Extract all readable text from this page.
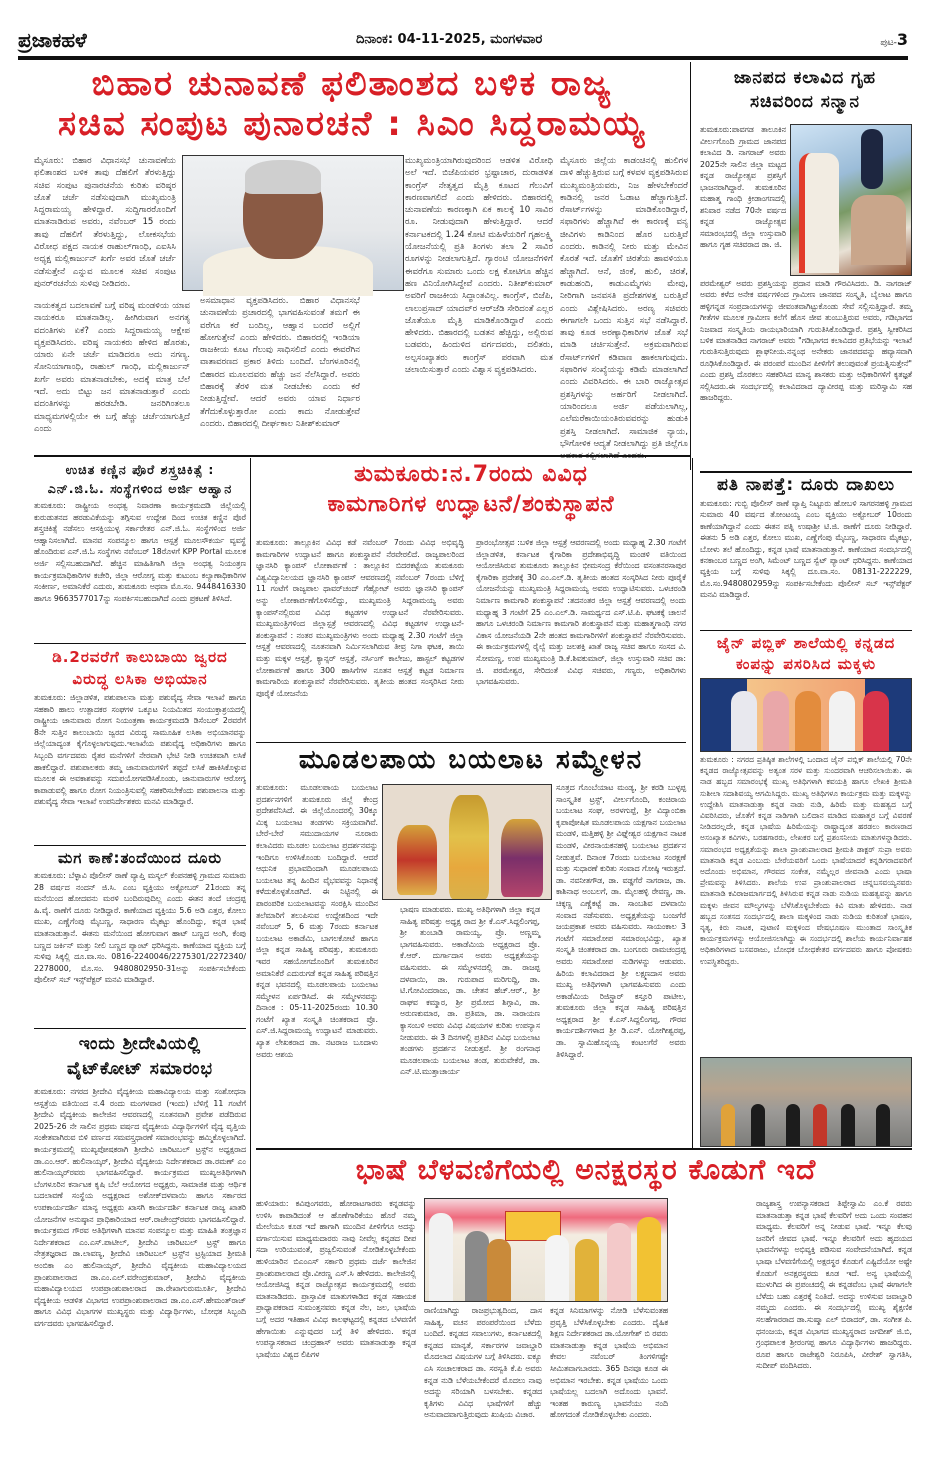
ಪ್ರಜಾಕಹಳೆ	ದಿನಾಂಕ: 04-11-2025, ಮಂಗಳವಾರ	ಪುಟ-3
ಬಿಹಾರ ಚುನಾವಣೆ ಫಲಿತಾಂಶದ ಬಳಿಕ ರಾಜ್ಯ
ಸಚಿವ ಸಂಪುಟ ಪುನಾರಚನೆ : ಸಿಎಂ ಸಿದ್ದರಾಮಯ್ಯ

ಮೈಸೂರು: ಬಿಹಾರ ವಿಧಾನಸಭೆ ಚುನಾವಣೆಯ ಫಲಿತಾಂಶದ ಬಳಿಕ ತಾವು ದೆಹಲಿಗೆ ತೆರಳುತ್ತಿದ್ದು ಸಚಿವ ಸಂಪುಟ ಪುನಾರಚನೆಯ ಕುರಿತು ವರಿಷ್ಠರ ಜೊತೆ ಚರ್ಚೆ ನಡೆಸುವುದಾಗಿ ಮುಖ್ಯಮಂತ್ರಿ ಸಿದ್ದರಾಮಯ್ಯ ಹೇಳಿದ್ದಾರೆ. ಸುದ್ದಿಗಾರರೊಂದಿಗೆ ಮಾತನಾಡಿರುವ ಅವರು, ನವೆಂಬರ್ 15 ರಂದು ತಾವು ದೆಹಲಿಗೆ ತೆರಳುತ್ತಿದ್ದು, ಲೋಕಸಭೆಯ ವಿರೋಧ ಪಕ್ಷದ ನಾಯಕ ರಾಹುಲ್‌ಗಾಂಧಿ, ಎಐಸಿಸಿ ಅಧ್ಯಕ್ಷ ಮಲ್ಲಿಕಾರ್ಜುನ್ ಖರ್ಗೆ ಅವರ ಜೊತೆ ಚರ್ಚೆ ನಡೆಸುತ್ತೇನೆ ಎನ್ನುವ ಮೂಲಕ ಸಚಿವ ಸಂಪುಟ ಪುನರ್‌ರಚನೆಯ ಸುಳಿವು ನೀಡಿದರು.

ನಾಯಕತ್ವದ ಬದಲಾವಣೆ ಬಗ್ಗೆ ವರಿಷ್ಠ ಮಂಡಳಿಯ ಯಾವ ನಾಯಕರೂ ಮಾತನಾಡಿಲ್ಲ. ಹೀಗಿರುವಾಗ ಅನಗತ್ಯ ವದಂತಿಗಳು ಏಕೆ? ಎಂದು ಸಿದ್ದರಾಮಯ್ಯ ಆಕ್ಷೇಪ ವ್ಯಕ್ತಪಡಿಸಿದರು. ವರಿಷ್ಠ ನಾಯಕರು ಹೇಳಿದ ಹೊರತು, ಯಾರು ಏನೇ ಚರ್ಚೆ ಮಾಡಿದರೂ ಅದು ನಗಣ್ಯ. ಸೋನಿಯಾಗಾಂಧಿ, ರಾಹುಲ್ ಗಾಂಧಿ, ಮಲ್ಲಿಕಾರ್ಜುನ್ ಖರ್ಗೆ ಅವರು ಮಾತನಾಡಬೇಕು, ಅದಕ್ಕೆ ಮಾತ್ರ ಬೆಲೆ ಇದೆ. ಅದು ಬಿಟ್ಟು ಜನ ಮಾತನಾಡುತ್ತಾರೆ ಎಂದು ವದಂತಿಗಳನ್ನು ಹರಡಬೇಡಿ. ಜನರಿಗಿಂತಲೂ ಮಾಧ್ಯಮಗಳಲ್ಲಿಯೇ ಈ ಬಗ್ಗೆ ಹೆಚ್ಚು ಚರ್ಚೆಯಾಗುತ್ತಿದೆ ಎಂದು

ಅಸಮಾಧಾನ ವ್ಯಕ್ತಪಡಿಸಿದರು. ಬಿಹಾರ ವಿಧಾನಸಭೆ ಚುನಾವಣೆಯ ಪ್ರಚಾರದಲ್ಲಿ ಭಾಗವಹಿಸುವಂತೆ ತಮಗೆ ಈ ವರೆಗೂ ಕರೆ ಬಂದಿಲ್ಲ, ಆಹ್ವಾನ ಬಂದರೆ ಅಲ್ಲಿಗೆ ಹೋಗುತ್ತೇನೆ ಎಂದು ಹೇಳಿದರು. ಬಿಹಾರದಲ್ಲಿ ಇಂಡಿಯಾ ರಾಜಕೀಯ ಕೂಟ ಗೆಲುವು ಸಾಧಿಸಲಿದೆ ಎಂದು ಈವರೆಗಿನ ವಾತಾವರಣದ ಪ್ರಕಾರ ತಿಳಿದು ಬಂದಿದೆ. ಬೆಂಗಳೂರಿನಲ್ಲಿ ಬಿಹಾರದ ಮೂಲದವರು ಹೆಚ್ಚು ಜನ ನೆಲೆಸಿದ್ದಾರೆ. ಅವರು ಬಿಹಾರಕ್ಕೆ ತೆರಳಿ ಮತ ನೀಡಬೇಕು ಎಂದು ಕರೆ ನೀಡುತ್ತಿದ್ದೇವೆ. ಆದರೆ ಅವರು ಯಾವ ನಿರ್ಧಾರ ತೆಗೆದುಕೊಳ್ಳುತ್ತಾರೋ ಎಂದು ಕಾದು ನೋಡುತ್ತೇವೆ ಎಂದರು. ಬಿಹಾರದಲ್ಲಿ ದೀರ್ಘಕಾಲ ನಿತೀಶ್‌ಕುಮಾರ್

ಮುಖ್ಯಮಂತ್ರಿಯಾಗಿರುವುದರಿಂದ ಆಡಳಿತ ವಿರೋಧಿ ಅಲೆ ಇದೆ. ಬಿಜೆಪಿಯವರ ಭ್ರಷ್ಟಾಚಾರ, ದುರಾಡಳಿತ ಕಾಂಗ್ರೆಸ್ ನೇತೃತ್ವದ ಮೈತ್ರಿ ಕೂಟದ ಗೆಲುವಿಗೆ ಕಾರಣವಾಗಲಿದೆ ಎಂದು ಹೇಳಿದರು. ಬಿಹಾರದಲ್ಲಿ ಚುನಾವಣೆಯ ಕಾರಣಕ್ಕಾಗಿ ಏಕ ಕಾಲಕ್ಕೆ 10 ಸಾವಿರ ರೂ. ನೀಡುವುದಾಗಿ ಹೇಳುತ್ತಿದ್ದಾರೆ. ಆದರೆ ಕರ್ನಾಟಕದಲ್ಲಿ 1.24 ಕೋಟಿ ಮಹಿಳೆಯರಿಗೆ ಗೃಹಲಕ್ಷ್ಮಿ ಯೋಜನೆಯಲ್ಲಿ ಪ್ರತಿ ತಿಂಗಳು ತಲಾ 2 ಸಾವಿರ ರೂಗಳನ್ನು ನೀಡಲಾಗುತ್ತಿದೆ. ಗ್ಯಾರಂಟಿ ಯೋಜನೆಗಳಿಗೆ ಈವರೆಗೂ ಸುಮಾರು ಒಂದು ಲಕ್ಷ ಕೋಟಿಗೂ ಹೆಚ್ಚಿನ ಹಣ ವಿನಿಯೋಗಿಸಿದ್ದೇವೆ ಎಂದರು. ನಿತೀಶ್‌ಕುಮಾರ್ ಅವರಿಗೆ ರಾಜಕೀಯ ಸಿದ್ಧಾಂತವಿಲ್ಲ. ಕಾಂಗ್ರೆಸ್, ಬಿಜೆಪಿ, ಲಾಲುಪ್ರಸಾದ್ ಯಾದವ್‌ರ ಆರ್‌ಜೆಡಿ ಸೇರಿದಂತೆ ಎಲ್ಲರ ಜೊತೆಯೂ ಮೈತ್ರಿ ಮಾಡಿಕೊಂಡಿದ್ದಾರೆ ಎಂದು ಹೇಳಿದರು. ಬಿಹಾರದಲ್ಲಿ ಬಡತನ ಹೆಚ್ಚಿದ್ದು, ಅಲ್ಲಿರುವ ಬಡವರು, ಹಿಂದುಳಿದ ವರ್ಗದವರು, ದಲಿತರು, ಅಲ್ಪಸಂಖ್ಯಾತರು ಕಾಂಗ್ರೆಸ್ ಪರವಾಗಿ ಮತ ಚಲಾಯಿಸುತ್ತಾರೆ ಎಂದು ವಿಶ್ವಾಸ ವ್ಯಕ್ತಪಡಿಸಿದರು.

ಮೈಸೂರು ಜಿಲ್ಲೆಯ ಕಾಡಂಚಿನಲ್ಲಿ ಹುಲಿಗಳ ದಾಳಿ ಹೆಚ್ಚುತ್ತಿರುವ ಬಗ್ಗೆ ಕಳವಳ ವ್ಯಕ್ತಪಡಿಸಿರುವ ಮುಖ್ಯಮಂತ್ರಿಯವರು, ನಿಜ ಹೇಳಬೇಕೆಂದರೆ ಕಾಡಿನಲ್ಲಿ ಜನರ ಓಡಾಟ ಹೆಚ್ಚಾಗುತ್ತಿದೆ. ರೆಸಾರ್ಟ್‌ಗಳನ್ನು ಮಾಡಿಕೊಂಡಿದ್ದಾರೆ, ಸಫಾರಿಗಳು ಹೆಚ್ಚಾಗಿವೆ ಈ ಕಾರಣಕ್ಕೆ ವನ್ಯ ಜೀವಿಗಳು ಕಾಡಿನಿಂದ ಹೊರ ಬರುತ್ತಿವೆ ಎಂದರು. ಕಾಡಿನಲ್ಲಿ ನೀರು ಮತ್ತು ಮೇವಿನ ಕೊರತೆ ಇದೆ. ಜೊತೆಗೆ ಚಿರತೆಯ ಹಾವಳಿಯೂ ಹೆಚ್ಚಾಗಿದೆ. ಆನೆ, ಜಿಂಕೆ, ಹುಲಿ, ಚಿರತೆ, ಕಾಡುಹಂದಿ, ಕಾಡುಎಮ್ಮೆಗಳು ಮೇವು, ನೀರಿಗಾಗಿ ಜನವಸತಿ ಪ್ರದೇಶಗಳತ್ತ ಬರುತ್ತಿವೆ ಎಂದು ವಿಶ್ಲೇಷಿಸಿದರು. ಅರಣ್ಯ ಸಚಿವರು ಈಗಾಗಲೇ ಒಂದು ಸುತ್ತಿನ ಸಭೆ ನಡೆಸಿದ್ದಾರೆ. ತಾವು ಕೂಡ ಅರಣ್ಯಾಧಿಕಾರಿಗಳ ಜೊತೆ ಸಭೆ ಮಾಡಿ ಚರ್ಚಿಸುತ್ತೇನೆ. ಅಕ್ರಮವಾಗಿರುವ ರೆಸಾರ್ಟ್‌ಗಳಿಗೆ ಕಡಿವಾಣ ಹಾಕಲಾಗುವುದು. ಸಫಾರಿಗಳ ಸಂಖ್ಯೆಯನ್ನು ಕಡಿಮೆ ಮಾಡಲಾಗಿದೆ ಎಂದು ವಿವರಿಸಿದರು. ಈ ಬಾರಿ ರಾಜ್ಯೋತ್ಸವ ಪ್ರಶಸ್ತಿಗಳನ್ನು ಅರ್ಹರಿಗೆ ನೀಡಲಾಗಿದೆ. ಯಾರಿಂದಲೂ ಅರ್ಜಿ ಪಡೆಯಲಾಗಿಲ್ಲ, ಎಲೆಮರೆಕಾಯಿಯಂತಿರುವವರನ್ನು ಹುಡುಕಿ ಪ್ರಶಸ್ತಿ ನೀಡಲಾಗಿದೆ. ಸಾಮಾಜಿಕ ನ್ಯಾಯ, ಭೌಗೋಳಿಕ ಆದ್ಯತೆ ನೀಡಲಾಗಿದ್ದು ಪ್ರತಿ ಜಿಲ್ಲೆಗೂ

ಜಾನಪದ ಕಲಾವಿದ ಗೃಹ
ಸಚಿವರಿಂದ ಸನ್ಮಾನ

ತುಮಕೂರು:ಪಾವಗಡ ತಾಲೂಕಿನ ವೀರ್ಲಗೊಂದಿ ಗ್ರಾಮದ ಜಾನಪದ ಕಲಾವಿದ ಡಿ. ನಾಗರಾಜ್ ಅವರು 2025ನೇ ಸಾಲಿನ ಜಿಲ್ಲಾ ಮಟ್ಟದ ಕನ್ನಡ ರಾಜ್ಯೋತ್ಸವ ಪ್ರಶಸ್ತಿಗೆ ಭಾಜನರಾಗಿದ್ದಾರೆ. ತುಮಕೂರಿನ ಮಹಾತ್ಮ ಗಾಂಧಿ ಕ್ರೀಡಾಂಗಣದಲ್ಲಿ ಶನಿವಾರ ನಡೆದ 70ನೇ ವರ್ಷದ ಕನ್ನಡ ರಾಜ್ಯೋತ್ಸವ ಸಮಾರಂಭದಲ್ಲಿ ಜಿಲ್ಲಾ ಉಸ್ತುವಾರಿ ಹಾಗೂ ಗೃಹ ಸಚಿವರಾದ ಡಾ. ಜಿ.

ಪರಮೇಶ್ವರ್ ಅವರು ಪ್ರಶಸ್ತಿಯನ್ನು ಪ್ರದಾನ ಮಾಡಿ ಗೌರವಿಸಿದರು. ಡಿ. ನಾಗರಾಜ್ ಅವರು ಕಳೆದ ಅನೇಕ ವರ್ಷಗಳಿಂದ ಗ್ರಾಮೀಣ ಜಾನಪದ ಸಂಸ್ಕೃತಿ, ಬೈಲಾಟ ಹಾಗೂ ಹಳ್ಳಿಗನ್ನಡ ಸಂಪ್ರದಾಯಗಳನ್ನು ಜೀವಂತವಾಗಿಟ್ಟುಕೊಂಡು ಸೇವೆ ಸಲ್ಲಿಸುತ್ತಿದ್ದಾರೆ. ತಮ್ಮ ಗೀತೆಗಳ ಮೂಲಕ ಗ್ರಾಮೀಣ ಕಲೆಗೆ ಹೊಸ ಜೀವ ತುಂಬುತ್ತಿರುವ ಅವರು, ಗಡಿಭಾಗದ ನಿಜವಾದ ಸಂಸ್ಕೃತಿಯ ರಾಯಭಾರಿಯಾಗಿ ಗುರುತಿಸಿಕೊಂಡಿದ್ದಾರೆ. ಪ್ರಶಸ್ತಿ ಸ್ವೀಕರಿಸಿದ ಬಳಿಕ ಮಾತನಾಡಿದ ನಾಗರಾಜ್ ಅವರು "ಗಡಿಭಾಗದ ಕಲಾವಿದರ ಪ್ರತಿಭೆಯನ್ನು ಇಲಾಖೆ ಗುರುತಿಸುತ್ತಿರುವುದು ಶ್ಲಾಘನೀಯ.ನನ್ನಂಥ ಅನೇಕರು ಜಾನಪದವನ್ನು ಹವ್ಯಾಸವಾಗಿ ರೂಢಿಸಿಕೊಂಡಿದ್ದಾರೆ. ಈ ಪರಂಪರೆ ಮುಂದಿನ ಪೀಳಿಗೆಗೆ ತಲುಪುವಂತೆ ಪ್ರಯತ್ನಿಸುತ್ತೇನೆ" ಎಂದು ಪ್ರಶಸ್ತಿ ದೊರಕಲು ಸಹಕರಿಸಿದ ಮಾನ್ಯ ಶಾಸಕರು ಮತ್ತು ಅಧಿಕಾರಿಗಳಿಗೆ ಕೃತಜ್ಞತೆ ಸಲ್ಲಿಸಿದರು.ಈ ಸಂದರ್ಭದಲ್ಲಿ ಕಲಾವಿದರಾದ ದ್ಯಾವೀರಪ್ಪ ಮತ್ತು ಮರಿಸ್ವಾಮಿ ಸಹ ಹಾಜರಿದ್ದರು.

ಪತಿ ನಾಪತ್ತೆ: ದೂರು ದಾಖಲು

ತುಮಕೂರು: ಗುಬ್ಬಿ ಪೊಲೀಸ್ ಠಾಣೆ ವ್ಯಾಪ್ತಿ ನಿಟ್ಟೂರು ಹೋಬಳಿ ಸಾಗರನಹಳ್ಳಿ ಗ್ರಾಮದ ಸುಮಾರು 40 ವರ್ಷದ ತೋಂಟಯ್ಯ ಎಂಬ ವ್ಯಕ್ತಿಯು ಅಕ್ಟೋಬರ್ 10ರಂದು ಕಾಣೆಯಾಗಿದ್ದಾನೆ ಎಂದು ಈತನ ಪತ್ನಿ ಉಷಾಶ್ರೀ ಟಿ.ಜಿ. ಠಾಣೆಗೆ ದೂರು ನೀಡಿದ್ದಾರೆ. ಈತನು 5 ಅಡಿ ಎತ್ತರ, ಕೋಲು ಮುಖ, ಎಣ್ಣೆಗೆಂಪು ಮೈಬಣ್ಣ, ಸಾಧಾರಣ ಮೈಕಟ್ಟು, ಬೋಳು ತಲೆ ಹೊಂದಿದ್ದು, ಕನ್ನಡ ಭಾಷೆ ಮಾತನಾಡುತ್ತಾನೆ. ಕಾಣೆಯಾದ ಸಂದರ್ಭದಲ್ಲಿ ಕನಕಾಂಬರ ಬಣ್ಣದ ಅಂಗಿ, ಸಿಮೆಂಟ್ ಬಣ್ಣದ ಸ್ವೆಟ್ ಪ್ಯಾಂಟ್ ಧರಿಸಿದ್ದನು. ಕಾಣೆಯಾದ ವ್ಯಕ್ತಿಯ ಬಗ್ಗೆ ಸುಳಿವು ಸಿಕ್ಕಲ್ಲಿ ದೂ.ವಾ.ಸಂ. 08131-222229, ಮೊ.ಸಂ.9480802959ನ್ನು ಸಂಪರ್ಕಿಸಬೇಕೆಂದು ಪೊಲೀಸ್ ಸಬ್ ಇನ್ಸ್‌ಪೆಕ್ಟರ್ ಮನವಿ ಮಾಡಿದ್ದಾರೆ.

ಜೈನ್ ಪಬ್ಲಿಕ್ ಶಾಲೆಯಲ್ಲಿ ಕನ್ನಡದ
ಕಂಪನ್ನು ಪಸರಿಸಿದ ಮಕ್ಕಳು

ತುಮಕೂರು : ನಗರದ ಪ್ರತಿಷ್ಠಿತ ಶಾಲೆಗಳಲ್ಲಿ ಒಂದಾದ ಜೈನ್ ಪಬ್ಲಿಕ್ ಶಾಲೆಯಲ್ಲಿ 70ನೇ ಕನ್ನಡದ ರಾಜ್ಯೋತ್ಸವವನ್ನು ಅತ್ಯಂತ ಸರಳ ಮತ್ತು ಸುಂದರವಾಗಿ ಆಚರಿಸಲಾಯಿತು. ಈ ನಾಡ ಹಬ್ಬದ ಸಮಾರಂಭಕ್ಕೆ ಮುಖ್ಯ ಅತಿಥಿಗಳಾಗಿ ಕವಯತ್ರಿ ಹಾಗೂ ಲೇಖಕಿ ಶ್ರೀಮತಿ ಸುಶೀಲಾ ಸದಾಶಿವಯ್ಯ ಆಗಮಿಸಿದ್ದರು. ಮುಖ್ಯ ಅತಿಥಿಗಳೂ ಕಾರ್ಯಕ್ರಮ ಮತ್ತು ಮಕ್ಕಳನ್ನು ಉದ್ದೇಶಿಸಿ ಮಾತನಾಡುತ್ತಾ ಕನ್ನಡ ನಾಡು ನುಡಿ, ಹಿರಿಮೆ ಮತ್ತು ಮಹತ್ವದ ಬಗ್ಗೆ ವಿವರಿಸಿದರು, ಜೊತೆಗೆ ಕನ್ನಡ ನಾಡಿಗಾಗಿ ಬಲಿದಾನ ಮಾಡಿದ ಮಹಾತ್ಮರ ಬಗ್ಗೆ ವಿವರಣೆ ನೀಡಿದರಲ್ಲದೇ, ಕನ್ನಡ ಭಾಷೆಯ ಹಿರಿಮೆಯನ್ನು ರಾಷ್ಟ್ರಾದ್ಯಂತ ಹರಡಲು ಕಾರಣರಾದ ಅಸಂಖ್ಯಾತ ಕವಿಗಳು, ಬರಹಗಾರರು, ಲೇಖಕರ ಬಗ್ಗೆ ಪ್ರಶಂಸನೀಯ ಮಾತುಗಳನ್ನಾಡಿದರು. ಸಮಾರಂಭದ ಅಧ್ಯಕ್ಷತೆಯನ್ನು ಶಾಲಾ ಪ್ರಾಂಶುಪಾಲರಾದ ಶ್ರೀಮತಿ ಡಾಕ್ಟರ್ ಸುಪ್ರಾ ಅವರು ಮಾತನಾಡಿ ಕನ್ನಡ ಎಂಬುದು ಬೇರೆಯವರಿಗೆ ಒಂದು ಭಾಷೆಯಾದರೆ ಕನ್ನಡಿಗರಾದವರಿಗೆ ಅದೊಂದು ಅಭಿಮಾನ, ಗೌರವದ ಸಂಕೇತ, ನಮ್ಮೆಲ್ಲರ ಜೀವನಾಡಿ ಎಂದು ಭಾಷಾ ಪ್ರೇಮವನ್ನು ತಿಳಿಸಿದರು. ಶಾಲೆಯ ಉಪ ಪ್ರಾಂಶುಪಾಲರಾದ ಚನ್ನಬಸವಯ್ಯನವರು ಮಾತನಾಡಿ ಕವಿರಾಜಮಾರ್ಗದಲ್ಲಿ ತಿಳಿಸಿರುವ ಕನ್ನಡ ನಾಡು ನುಡಿಯ ಮಹತ್ವವನ್ನು ಹಾಗೂ ಮಕ್ಕಳು ಜೀವನ ಮೌಲ್ಯಗಳನ್ನು ಬೆಳೆಸಿಕೊಳ್ಳಬೇಕೆಂದು ಕಿವಿ ಮಾತು ಹೇಳಿದರು. ನಾಡ ಹಬ್ಬದ ಸಂತಸದ ಸಂದರ್ಭದಲ್ಲಿ ಶಾಲಾ ಮಕ್ಕಳಿಂದ ನಾಡು ನುಡಿಯ ಕುರಿತಂತೆ ಭಾಷಣ, ನೃತ್ಯ, ಕಿರು ನಾಟಕ, ಪುಟಾಣಿ ಮಕ್ಕಳಿಂದ ವೇಷಭೂಷಣ ಮುಂತಾದ ಸಾಂಸ್ಕೃತಿಕ ಕಾರ್ಯಕ್ರಮಗಳನ್ನು ಆಯೋಜಿಸಲಾಗಿದ್ದು ಈ ಸಂದರ್ಭದಲ್ಲಿ ಶಾಲೆಯ ಕಾರ್ಯನಿರ್ವಾಹಕ ಅಧಿಕಾರಿಗಳಾದ ಬಸವರಾಜು, ಬೋಧಕ ಬೋಧಕೇತರ ವರ್ಗದವರು ಹಾಗೂ ಪೋಷಕರು ಉಪಸ್ಥಿತರಿದ್ದರು.

ಉಚಿತ ಕಣ್ಣಿನ ಪೊರೆ ಶಸ್ತ್ರಚಿಕಿತ್ಸೆ :
ಎನ್.ಜಿ.ಓ. ಸಂಸ್ಥೆಗಳಿಂದ ಅರ್ಜಿ ಆಹ್ವಾನ

ತುಮಕೂರು: ರಾಷ್ಟ್ರೀಯ ಅಂಧತ್ವ ನಿವಾರಣಾ ಕಾರ್ಯಕ್ರಮದಡಿ ಜಿಲ್ಲೆಯಲ್ಲಿ ಕುರುಡುತನದ ಹರಡುವಿಕೆಯನ್ನು ತಗ್ಗಿಸುವ ಉದ್ದೇಶ ದಿಂದ ಉಚಿತ ಕಣ್ಣಿನ ಪೊರೆ ಶಸ್ತ್ರಚಿಕಿತ್ಸೆ ನಡೆಸಲು ಆಸಕ್ತಿಯುಳ್ಳ ಸರ್ಕಾರೇತರ ಎನ್.ಜಿ.ಓ. ಸಂಸ್ಥೆಗಳಿಂದ ಅರ್ಜಿ ಆಹ್ವಾನಿಸಲಾಗಿದೆ. ಮಾನವ ಸಂಪನ್ಮೂಲ ಹಾಗೂ ಆಸ್ಪತ್ರೆ ಮೂಲಸೌಕರ್ಯ ವ್ಯವಸ್ಥೆ ಹೊಂದಿರುವ ಎನ್.ಜಿ.ಓ ಸಂಸ್ಥೆಗಳು ನವೆಂಬರ್ 18ರೊಳಗೆ KPP Portal ಮೂಲಕ ಅರ್ಜಿ ಸಲ್ಲಿಸಬಹುದಾಗಿದೆ. ಹೆಚ್ಚಿನ ಮಾಹಿತಿಗಾಗಿ ಜಿಲ್ಲಾ ಅಂಧತ್ವ ನಿಯಂತ್ರಣ ಕಾರ್ಯಕ್ರಮಾಧಿಕಾರಿಗಳ ಕಚೇರಿ, ಜಿಲ್ಲಾ ಆರೋಗ್ಯ ಮತ್ತು ಕುಟುಂಬ ಕಲ್ಯಾಣಾಧಿಕಾರಿಗಳ ಸಂಕೀರ್ಣ, ಅಮಾನಿಕೆರೆ ಎದುರು, ತುಮಕೂರು ಅಥವಾ ಮೊ.ಸಂ. 9448416330 ಹಾಗೂ 9663577017ನ್ನು ಸಂಪರ್ಕಿಸಬಹುದಾಗಿದೆ ಎಂದು ಪ್ರಕಟಣೆ ತಿಳಿಸಿದೆ.

ಡಿ.2ರವರೆಗೆ ಕಾಲುಬಾಯಿ ಜ್ವರದ
ವಿರುದ್ಧ ಲಸಿಕಾ ಅಭಿಯಾನ

ತುಮಕೂರು: ಜಿಲ್ಲಾಡಳಿತ, ಪಶುಪಾಲನಾ ಮತ್ತು ಪಶುವೈದ್ಯ ಸೇವಾ ಇಲಾಖೆ ಹಾಗೂ ಸಹಕಾರಿ ಹಾಲು ಉತ್ಪಾದಕರ ಸಂಘಗಳ ಒಕ್ಕೂಟ ನಿಯಮಿತದ ಸಂಯುಕ್ತಾಶ್ರಯದಲ್ಲಿ ರಾಷ್ಟ್ರೀಯ ಜಾನುವಾರು ರೋಗ ನಿಯಂತ್ರಣಾ ಕಾರ್ಯಕ್ರಮದಡಿ ಡಿಸೆಂಬರ್ 2ರವರೆಗೆ 8ನೇ ಸುತ್ತಿನ ಕಾಲುಬಾಯಿ ಜ್ವರದ ವಿರುದ್ಧ ಸಾಮೂಹಿಕ ಲಸಿಕಾ ಅಭಿಯಾನವನ್ನು ಜಿಲ್ಲೆಯಾದ್ಯಂತ ಕೈಗೊಳ್ಳಲಾಗುವುದು.ಇಲಾಖೆಯ ಪಶುವೈದ್ಯ ಅಧಿಕಾರಿಗಳು ಹಾಗೂ ಸಿಬ್ಬಂದಿ ವರ್ಗದವರು ರೈತರ ಮನೆಗಳಿಗೆ ನೇರವಾಗಿ ಭೇಟಿ ನೀಡಿ ಉಚಿತವಾಗಿ ಲಸಿಕೆ ಹಾಕಲಿದ್ದಾರೆ. ಪಶುಪಾಲಕರು ತಮ್ಮ ಜಾನುವಾರುಗಳಿಗೆ ತಪ್ಪದೆ ಲಸಿಕೆ ಹಾಕಿಸಿಕೊಳ್ಳುವ ಮೂಲಕ ಈ ಅವಕಾಶವನ್ನು ಸದುಪಯೋಗಪಡಿಸಿಕೊಂಡು, ಜಾನುವಾರುಗಳ ಆರೋಗ್ಯ ಕಾಪಾಡುವಲ್ಲಿ ಹಾಗೂ ರೋಗ ನಿಯಂತ್ರಿಸುವಲ್ಲಿ ಸಹಕರಿಸಬೇಕೆಂದು ಪಶುಪಾಲನಾ ಮತ್ತು ಪಶುವೈದ್ಯ ಸೇವಾ ಇಲಾಖೆ ಉಪನಿರ್ದೇಶಕರು ಮನವಿ ಮಾಡಿದ್ದಾರೆ.

ಮಗ ಕಾಣೆ:ತಂದೆಯಿಂದ ದೂರು

ತುಮಕೂರು: ಬೆಳ್ಳಾವಿ ಪೊಲೀಸ್ ಠಾಣೆ ವ್ಯಾಪ್ತಿ ಮಸ್ಕಲ್ ಕೆಂಪನಹಳ್ಳಿ ಗ್ರಾಮದ ಸುಮಾರು 28 ವರ್ಷದ ನಂದನ್ ಜಿ.ಸಿ. ಎಂಬ ವ್ಯಕ್ತಿಯು ಅಕ್ಟೋಬರ್ 21ರಂದು ತನ್ನ ಮನೆಯಿಂದ ಹೋದವನು ಮರಳಿ ಬಂದಿರುವುದಿಲ್ಲ ಎಂದು ಈತನ ತಂದೆ ಚಂದ್ರಪ್ಪ ಹಿ.ವೈ. ಠಾಣೆಗೆ ದೂರು ನೀಡಿದ್ದಾರೆ. ಕಾಣೆಯಾದ ವ್ಯಕ್ತಿಯು 5.6 ಅಡಿ ಎತ್ತರ, ಕೋಲು ಮುಖ, ಎಣ್ಣೆಗೆಂಪು ಮೈಬಣ್ಣ, ಸಾಧಾರಣ ಮೈಕಟ್ಟು ಹೊಂದಿದ್ದು, ಕನ್ನಡ ಭಾಷೆ ಮಾತನಾಡುತ್ತಾನೆ. ಈತನು ಮನೆಯಿಂದ ಹೋಗುವಾಗ ಹಾಟ್ ಬಣ್ಣದ ಅಂಗಿ, ಕೆಂಪು ಬಣ್ಣದ ಜರ್ಕಿನ್ ಮತ್ತು ನೀಲಿ ಬಣ್ಣದ ಪ್ಯಾಂಟ್ ಧರಿಸಿದ್ದನು. ಕಾಣೆಯಾದ ವ್ಯಕ್ತಿಯ ಬಗ್ಗೆ ಸುಳಿವು ಸಿಕ್ಕಲ್ಲಿ ದೂ.ವಾ.ಸಂ. 0816-2240046/2275301/2272340/ 2278000, ಮೊ.ಸಂ. 9480802950-31ಅನ್ನು ಸಂಪರ್ಕಿಸಬೇಕೆಂದು ಪೊಲೀಸ್ ಸಬ್ ಇನ್ಸ್‌ಪೆಕ್ಟರ್ ಮನವಿ ಮಾಡಿದ್ದಾರೆ.

ಇಂದು ಶ್ರೀದೇವಿಯಲ್ಲಿ
ವೈಟ್‌ಕೋಟ್ ಸಮಾರಂಭ

ತುಮಕೂರು: ನಗರದ ಶ್ರೀದೇವಿ ವೈದ್ಯಕೀಯ ಮಹಾವಿದ್ಯಾಲಯ ಮತ್ತು ಸಂಶೋಧನಾ ಆಸ್ಪತ್ರೆಯ ವತಿಯಿಂದ ನ.4 ರಂದು ಮಂಗಳವಾರ (ಇಂದು) ಬೆಳಿಗ್ಗೆ 11 ಗಂಟೆಗೆ ಶ್ರೀದೇವಿ ವೈದ್ಯಕೀಯ ಕಾಲೇಜಿನ ಆವರಣದಲ್ಲಿ ನೂತನವಾಗಿ ಪ್ರವೇಶ ಪಡೆದಿರುವ 2025-26 ನೇ ಸಾಲಿನ ಪ್ರಥಮ ವರ್ಷದ ವೈದ್ಯಕೀಯ ವಿದ್ಯಾರ್ಥಿಗಳಿಗೆ ವೈದ್ಯ ವೃತ್ತಿಯ ಸಂಕೇತವಾಗಿರುವ ಬಿಳಿ ವರ್ಣದ ಸಮವಸ್ತ್ರಧಾರಣೆ ಸಮಾರಂಭವನ್ನು ಹಮ್ಮಿಕೊಳ್ಳಲಾಗಿದೆ. ಕಾರ್ಯಕ್ರಮದಲ್ಲಿ ಮುಖ್ಯಪೋಷಕರಾಗಿ ಶ್ರೀದೇವಿ ಚಾರಿಟಬಲ್ ಟ್ರಸ್ಟ್‌ನ ಅಧ್ಯಕ್ಷರಾದ ಡಾ.ಎಂ.ಆರ್. ಹುಲಿನಾಯ್ಕರ್, ಶ್ರೀದೇವಿ ವೈದ್ಯಕೀಯ ನಿರ್ದೇಶಕರಾದ ಡಾ.ರಮಣ್ ಎಂ ಹುಲಿನಾಯ್ಕರ್‌ರವರು ಭಾಗವಹಿಸಲಿದ್ದಾರೆ. ಕಾರ್ಯಕ್ರಮದ ಮುಖ್ಯಅತಿಥಿಗಳಾಗಿ ಬೆಂಗಳೂರಿನ ಕರ್ನಾಟಕ ಕೃಷಿ ಬೆಲೆ ಆಯೋಗದ ಅಧ್ಯಕ್ಷರು, ಸಾಮಾಜಿಕ ಮತ್ತು ಆರ್ಥಿಕ ಬದಲಾವಣೆ ಸಂಸ್ಥೆಯ ಅಧ್ಯಕ್ಷರಾದ ಅಶೋಕ್‌ದಳವಾಯಿ ಹಾಗೂ ಸರ್ಕಾರದ ಉಪಕಾರ್ಯದರ್ಶಿ ಮಾನ್ಯ ಅಧ್ಯಕ್ಷರು ಖಾಸಗಿ ಕಾರ್ಯದರ್ಶಿ ಕರ್ನಾಟಕ ರಾಜ್ಯ ಖಾತರಿ ಯೋಜನೆಗಳ ಅನುಷ್ಠಾನ ಪ್ರಾಧಿಕಾರಿಯಾದ ಆರ್.ರಾಜೇಂದ್ರ್‌ರವರು ಭಾಗವಹಿಸಲಿದ್ದಾರೆ. ಕಾರ್ಯಕ್ರಮದ ಗೌರವ ಅತಿಥಿಗಳಾಗಿ ಮಾನವ ಸಂಪನ್ಮೂಲ ಮತ್ತು ಮಾಹಿತಿ ತಂತ್ರಜ್ಞಾನ ನಿರ್ದೇಶಕರಾದ ಎಂ.ಎಸ್.ಪಾಟೀಲ್, ಶ್ರೀದೇವಿ ಚಾರಿಟಬಲ್ ಟ್ರಸ್ಟ್ ಹಾಗೂ ನೇತ್ರತಜ್ಞರಾದ ಡಾ.ಲಾವಣ್ಯ, ಶ್ರೀದೇವಿ ಚಾರಿಟಬಲ್ ಟ್ರಸ್ಟ್‌ನ ಟ್ರಸ್ಟಿಯಾದ ಶ್ರೀಮತಿ ಅಂಬಿಕಾ ಎಂ ಹುಲಿನಾಯ್ಕರ್, ಶ್ರೀದೇವಿ ವೈದ್ಯಕೀಯ ಮಹಾವಿದ್ಯಾಲಯದ ಪ್ರಾಂಶುಪಾಲರಾದ ಡಾ.ಎಂ.ಎಲ್.ವರೇಂದ್ರಕುಮಾರ್, ಶ್ರೀದೇವಿ ವೈದ್ಯಕೀಯ ಮಹಾವಿದ್ಯಾಲಯದ ಉಪಪ್ರಾಂಶುಪಾಲರಾದ ಡಾ.ರೇಖಾಗುರುಮೂರ್ತಿ, ಶ್ರೀದೇವಿ ವೈದ್ಯಕೀಯ ಆಡಳಿತ ವಿಭಾಗದ ಉಪಪ್ರಾಂಶುಪಾಲರಾದ ಡಾ.ಎಂ.ಎಸ್.ಹೇಮಂತ್‌ರಾಜ್ ಹಾಗೂ ವಿವಿಧ ವಿಭಾಗಗಳ ಮುಖ್ಯಸ್ಥರು ಮತ್ತು ವಿದ್ಯಾರ್ಥಿಗಳು, ಬೋಧಕ ಸಿಬ್ಬಂದಿ ವರ್ಗದವರು ಭಾಗವಹಿಸಲಿದ್ದಾರೆ.

ತುಮಕೂರು:ನ.7ರಂದು ವಿವಿಧ
ಕಾಮಗಾರಿಗಳ ಉದ್ಘಾಟನೆ/ಶಂಕುಸ್ಥಾಪನೆ

ತುಮಕೂರು: ತಾಲ್ಲೂಕಿನ ವಿವಿಧ ಕಡೆ ನವೆಂಬರ್ 7ರಂದು ವಿವಿಧ ಅಭಿವೃದ್ಧಿ ಕಾಮಗಾರಿಗಳ ಉದ್ಘಾಟನೆ ಹಾಗೂ ಶಂಕುಸ್ಥಾಪನೆ ನೆರವೇರಲಿದೆ. ರಾಜ್ಯಪಾಲರಿಂದ ಜ್ಞಾನಸಿರಿ ಕ್ಯಾಂಪಸ್ ಲೋಕಾರ್ಪಣೆ : ತಾಲ್ಲೂಕಿನ ಬಿದರಕಟ್ಟೆಯ ತುಮಕೂರು ವಿಶ್ವವಿದ್ಯಾನಿಲಯದ ಜ್ಞಾನಸಿರಿ ಕ್ಯಾಂಪಸ್ ಆವರಣದಲ್ಲಿ ನವೆಂಬರ್ 7ರಂದು ಬೆಳಿಗ್ಗೆ 11 ಗಂಟೆಗೆ ರಾಜ್ಯಪಾಲ ಥಾವರ್‌ಚಂದ್ ಗೆಹ್ಲೋಟ್ ಅವರು ಜ್ಞಾನಸಿರಿ ಕ್ಯಾಂಪಸ್ ಅನ್ನು ಲೋಕಾರ್ಪಣೆಗೊಳಿಸಲಿದ್ದು, ಮುಖ್ಯಮಂತ್ರಿ ಸಿದ್ದರಾಮಯ್ಯ ಅವರು ಕ್ಯಾಂಪಸ್‌ನಲ್ಲಿರುವ ವಿವಿಧ ಕಟ್ಟಡಗಳ ಉದ್ಘಾಟನೆ ನೆರವೇರಿಸುವರು. ಮುಖ್ಯಮಂತ್ರಿಗಳಿಂದ ಜಿಲ್ಲಾಸ್ಪತ್ರೆ ಆವರಣದಲ್ಲಿ ವಿವಿಧ ಕಟ್ಟಡಗಳ ಉದ್ಘಾಟನೆ-ಶಂಕುಸ್ಥಾಪನೆ : ನಂತರ ಮುಖ್ಯಮಂತ್ರಿಗಳು ಅಂದು ಮಧ್ಯಾಹ್ನ 2.30 ಗಂಟೆಗೆ ಜಿಲ್ಲಾ ಆಸ್ಪತ್ರೆ ಆವರಣದಲ್ಲಿ ನೂತನವಾಗಿ ನಿರ್ಮಿಸಲಾಗಿರುವ ತೀವ್ರ ನಿಗಾ ಘಟಕ, ತಾಯಿ ಮತ್ತು ಮಕ್ಕಳ ಆಸ್ಪತ್ರೆ, ಕ್ಯಾನ್ಸರ್ ಆಸ್ಪತ್ರೆ, ನರ್ಸಿಂಗ್ ಕಾಲೇಜು, ಹಾಸ್ಟಲ್ ಕಟ್ಟಡಗಳ ಲೋಕಾರ್ಪಣೆ ಹಾಗೂ 300 ಹಾಸಿಗೆಗಳ ನೂತನ ಆಸ್ಪತ್ರೆ ಕಟ್ಟಡ ನಿರ್ಮಾಣ ಕಾಮಗಾರಿಯ ಶಂಕುಸ್ಥಾಪನೆ ನೆರವೇರಿಸುವರು. ತೃತೀಯ ಹಂತದ ಸಂಸ್ಕರಿಸಿದ ನೀರು ಪೂರೈಕೆ ಯೋಜನೆಯ

ಪ್ರಾರಂಭೋತ್ಸವ :ಬಳಿಕ ಜಿಲ್ಲಾ ಆಸ್ಪತ್ರೆ ಆವರಣದಲ್ಲಿ ಅಂದು ಮಧ್ಯಾಹ್ನ 2.30 ಗಂಟೆಗೆ ಜಿಲ್ಲಾಡಳಿತ, ಕರ್ನಾಟಕ ಕೈಗಾರಿಕಾ ಪ್ರದೇಶಾಭಿವೃದ್ಧಿ ಮಂಡಳಿ ವತಿಯಿಂದ ಆಯೋಜಿಸಿರುವ ತುಮಕೂರು ತಾಲ್ಲೂಕಿನ ಭೀಮಸಂದ್ರ ಕೆರೆಯಿಂದ ವಸಂತನರಸಾಪುರ ಕೈಗಾರಿಕಾ ಪ್ರದೇಶಕ್ಕೆ 30 ಎಂ.ಎಲ್.ಡಿ. ತೃತೀಯ ಹಂತದ ಸಂಸ್ಕರಿಸಿದ ನೀರು ಪೂರೈಕೆ ಯೋಜನೆಯನ್ನು ಮುಖ್ಯಮಂತ್ರಿ ಸಿದ್ದರಾಮಯ್ಯ ಅವರು ಉದ್ಘಾಟಿಸುವರು. ಒಳಚರಂಡಿ ನಿರ್ಮಾಣ ಕಾಮಗಾರಿ ಶಂಕುಸ್ಥಾಪನೆ :ತದನಂತರ ಜಿಲ್ಲಾ ಆಸ್ಪತ್ರೆ ಆವರಣದಲ್ಲಿ ಅಂದು ಮಧ್ಯಾಹ್ನ 3 ಗಂಟೆಗೆ 25 ಎಂ.ಎಲ್.ಡಿ. ಸಾಮರ್ಥ್ಯದ ಎಸ್.ಟಿ.ಪಿ. ಘಟಕಕ್ಕೆ ಚಾಲನೆ ಹಾಗೂ ಒಳಚರಂಡಿ ನಿರ್ಮಾಣ ಕಾಮಗಾರಿ ಶಂಕುಸ್ಥಾಪನೆ ಮತ್ತು ಮಹಾತ್ಮಗಾಂಧಿ ನಗರ ವಿಕಾಸ ಯೋಜನೆಯಡಿ 2ನೇ ಹಂತದ ಕಾಮಗಾರಿಗಳಿಗೆ ಶಂಕುಸ್ಥಾಪನೆ ನೆರವೇರಿಸುವರು. ಈ ಕಾರ್ಯಕ್ರಮಗಳಲ್ಲಿ ರೈಲ್ವೆ ಮತ್ತು ಜಲಶಕ್ತಿ ಖಾತೆ ರಾಜ್ಯ ಸಚಿವ ಹಾಗೂ ಸಂಸದ ವಿ. ಸೋಮಣ್ಣ, ಉಪ ಮುಖ್ಯಮಂತ್ರಿ ಡಿ.ಕೆ.ಶಿವಕುಮಾರ್, ಜಿಲ್ಲಾ ಉಸ್ತುವಾರಿ ಸಚಿವ ಡಾ: ಜಿ. ಪರಮೇಶ್ವರ, ಸೇರಿದಂತೆ ವಿವಿಧ ಸಚಿವರು, ಗಣ್ಯರು, ಅಧಿಕಾರಿಗಳು ಭಾಗವಹಿಸುವರು.

ಮೂಡಲಪಾಯ ಬಯಲಾಟ ಸಮ್ಮೇಳನ

ತುಮಕೂರು: ಮೂಡಲಪಾಯ ಬಯಲಾಟ ಪ್ರದರ್ಶನಗಳಿಗೆ ತುಮಕೂರು ಜಿಲ್ಲೆ ಕೇಂದ್ರ ಪ್ರದೇಶವೆನಿಸಿದೆ. ಈ ಜಿಲ್ಲೆಯೊಂದರಲ್ಲಿ 30ಕ್ಕೂ ಮಿಕ್ಕ ಬಯಲಾಟ ತಂಡಗಳು ಸಕ್ರಿಯವಾಗಿವೆ. ಬೇರೆ-ಬೇರೆ ಸಮುದಾಯಗಳ ನೂರಾರು ಕಲಾವಿದರು ಮೂಡಲ ಬಯಲಾಟ ಪ್ರದರ್ಶನವನ್ನು ಇಂದಿಗೂ ಉಳಿಸಿಕೊಂಡು ಬಂದಿದ್ದಾರೆ. ಆದರೆ ಆಧುನಿಕ ಪ್ರಭಾವದಿಂದಾಗಿ ಮೂಡಲಪಾಯ ಬಯಲಾಟ ತನ್ನ ಹಿಂದಿನ ವೈಭವವನ್ನು ನಿಧಾನಕ್ಕೆ ಕಳೆದುಕೊಳ್ಳತೊಡಗಿದೆ. ಈ ನಿಟ್ಟಿನಲ್ಲಿ ಈ ಪಾರಂಪರಿಕ ಬಯಲಾಟವನ್ನು ಸಂರಕ್ಷಿಸಿ ಮುಂದಿನ ತಲೆಮಾರಿಗೆ ತಲುಪಿಸುವ ಉದ್ದೇಶದಿಂದ ಇದೇ ನವೆಂಬರ್ 5, 6 ಮತ್ತು 7ರಂದು ಕರ್ನಾಟಕ ಬಯಲಾಟ ಅಕಾಡೆಮಿ, ಬಾಗಲಕೋಟೆ ಹಾಗೂ ಜಿಲ್ಲಾ ಕನ್ನಡ ಸಾಹಿತ್ಯ ಪರಿಷತ್ತು, ತುಮಕೂರು ಇವರ ಸಹಯೋಗದೊಂದಿಗೆ ತುಮಕೂರಿನ ಅಮಾನಿಕೆರೆ ಎದುರುಗಡೆ ಕನ್ನಡ ಸಾಹಿತ್ಯ ಪರಿಷತ್ತಿನ ಕನ್ನಡ ಭವನದಲ್ಲಿ ಮೂಡಲಪಾಯ ಬಯಲಾಟ ಸಮ್ಮೇಳನ ಏರ್ಪಡಿಸಿದೆ. ಈ ಸಮ್ಮೇಳನವನ್ನು ದಿನಾಂಕ : 05-11-2025ರಂದು 10.30 ಗಂಟೆಗೆ ಖ್ಯಾತ ಸಂಸ್ಕೃತಿ ಚಿಂತಕರಾದ ಪ್ರೊ. ಎಸ್.ಜಿ.ಸಿದ್ದರಾಮಯ್ಯ ಉದ್ಘಾಟನೆ ಮಾಡುವರು. ಖ್ಯಾತ ಲೇಖಕರಾದ ಡಾ. ನಟರಾಜ ಬೂದಾಳು ಅವರು ಆಶಯ

ಭಾಷಣ ಮಾಡುವರು. ಮುಖ್ಯ ಅತಿಥಿಗಳಾಗಿ ಜಿಲ್ಲಾ ಕನ್ನಡ ಸಾಹಿತ್ಯ ಪರಿಷತ್ತು ಅಧ್ಯಕ್ಷ ರಾದ ಶ್ರೀ ಕೆ.ಎಸ್.ಸಿದ್ದಲಿಂಗಪ್ಪ, ಶ್ರೀ ತುಂಬಾಡಿ ರಾಮಯ್ಯ, ಪ್ರೊ. ಅಣ್ಣಮ್ಮ ಭಾಗವಹಿಸುವರು. ಅಕಾಡೆಮಿಯ ಅಧ್ಯಕ್ಷರಾದ ಪ್ರೊ. ಕೆ.ಆರ್. ದುರ್ಗಾದಾಸ ಅವರು ಅಧ್ಯಕ್ಷತೆಯನ್ನು ವಹಿಸುವರು. ಈ ಸಮ್ಮೇಳನದಲ್ಲಿ ಡಾ. ರಾಜಪ್ಪ ದಳವಾಯಿ, ಡಾ. ಗುರುಪಾದ ಮರಿಗುದ್ದಿ, ಡಾ. ಟಿ.ಗೋವಿಂದರಾಜು, ಡಾ. ಚೇತನ ಹೆಚ್.ಆರ್., ಶ್ರೀ ರಾಘವ ಕಮ್ಮಾರ, ಶ್ರೀ ಪ್ರಮೋದ ಶಿಗ್ಗಾವಿ, ಡಾ. ಅರುಣಕುಮಾರ, ಡಾ. ಪ್ರತಿಮಾ, ಡಾ. ನಾರಾಯಣ ಕ್ಯಾಸಂಬಳಿ ಅವರು ವಿವಿಧ ವಿಷಯಗಳ ಕುರಿತು ಉಪನ್ಯಾಸ ನೀಡುವರು. ಈ 3 ದಿನಗಳಲ್ಲಿ ಪ್ರತಿದಿನ ವಿವಿಧ ಬಯಲಾಟ ತಂಡಗಳು ಪ್ರದರ್ಶನ ನೀಡುತ್ತವೆ. ಶ್ರೀ ರಂಗನಾಥ ಮೂಡಲಪಾಯ ಬಯಲಾಟ ತಂಡ, ತುರುವೇಕೆರೆ, ಡಾ. ಎನ್.ಟಿ.ಮುತ್ತಾಚಾರ್ಯ

ಸೂತ್ರದ ಗೊಂಬೆಯಾಟ ಮಂಡ್ಯ, ಶ್ರೀ ಕರಡಿ ಬುಳ್ಳಪ್ಪ ಸಾಂಸ್ಕೃತಿಕ ಟ್ರಸ್ಟ್, ವೀರ್ಲಗೊಂದಿ, ಕಂಚಿರಾಯ ಬಯಲಾಟ ಸಂಘ, ಅರಳಗುಪ್ಪೆ, ಶ್ರೀ ವಿದ್ಯಾಂಬಿಕಾ ಕೃಪಾಪೋಷಿತ ಮೂಡಲಪಾಯ ಯಕ್ಷಗಾನ ಬಯಲಾಟ ಮಂಡಳಿ, ಮತ್ತಿಹಳ್ಳಿ ಶ್ರೀ ವಿಘ್ನೇಶ್ವರ ಯಕ್ಷಗಾನ ನಾಟಕ ಮಂಡಳಿ, ವೀರನಾಯಕನಹಳ್ಳಿ ಬಯಲಾಟ ಪ್ರದರ್ಶನ ನೀಡುತ್ತವೆ. ದಿನಾಂಕ 7ರಂದು ಬಯಲಾಟ ಸಂರಕ್ಷಣೆ ಮತ್ತು ಸುಧಾರಣೆ ಕುರಿತು ಸಂವಾದ ಗೋಷ್ಠಿ ಇರುತ್ತದೆ. ಡಾ. ನವನೀತಗೌಡ, ಡಾ. ವಡ್ಡಗೆರೆ ನಾಗರಾಜ, ಡಾ. ಕಾಶಿನಾಥ ಅಂಬಲಗೆ, ಡಾ. ಮೈಲಹಳ್ಳಿ ರೇವಣ್ಣ, ಡಾ. ಚಿಕ್ಕಣ್ಣ ಎಣ್ಣೆಕಟ್ಟೆ ಡಾ. ಸಾಂಬಶಿವ ದಳವಾಯಿ ಸಂವಾದ ನಡೆಸುವರು. ಅಧ್ಯಕ್ಷತೆಯನ್ನು ಬಂಜಗೆರೆ ಜಯಪ್ರಕಾಶ ಅವರು ವಹಿಸುವರು. ಸಾಯಂಕಾಲ 3 ಗಂಟೆಗೆ ಸಮಾರೋಪ ಸಮಾರಂಭವಿದ್ದು, ಖ್ಯಾತ ಸಂಸ್ಕೃತಿ ಚಿಂತಕರಾದ ಡಾ. ಬಂಗೂರು ರಾಮಚಂದ್ರಪ್ಪ ಅವರು ಸಮಾರೋಪ ನುಡಿಗಳನ್ನು ಆಡುವರು. ಹಿರಿಯ ಕಲಾವಿದರಾದ ಶ್ರೀ ಲಕ್ಷ್ಮಣದಾಸ ಅವರು ಮುಖ್ಯ ಅತಿಥಿಗಳಾಗಿ ಭಾಗವಹಿಸುವರು ಎಂದು ಅಕಾಡೆಮಿಯ ರಿಜಿಸ್ಟ್ರಾರ್ ಕಸ್ತೂರಿ ಪಾಟೀಲ, ತುಮಕೂರು ಜಿಲ್ಲಾ ಕನ್ನಡ ಸಾಹಿತ್ಯ ಪರಿಷತ್ತಿನ ಅಧ್ಯಕ್ಷರಾದ ಶ್ರೀ ಕೆ.ಎಸ್.ಸಿದ್ದಲಿಂಗಪ್ಪ, ಗೌರವ ಕಾರ್ಯದರ್ಶಿಗಳಾದ ಶ್ರೀ ಡಿ.ಎನ್. ಯೋಗೀಶ್ವರಪ್ಪ, ಡಾ. ಸ್ವಾಮಿಹೊನ್ನಯ್ಯ ಕಂಟಲಗೆರೆ ಅವರು ತಿಳಿಸಿದ್ದಾರೆ.

ಭಾಷೆ ಬೆಳವಣಿಗೆಯಲ್ಲಿ ಅನಕ್ಷರಸ್ಥರ ಕೊಡುಗೆ ಇದೆ

ಹುಳಿಯಾರು: ಕವಿಪುಂಗವರು, ಹೋರಾಟಗಾರರು ಕನ್ನಡವನ್ನು ಉಳಿಸಿ ಕಾಪಾಡಿದಂತೆ ಆ ಹೊಣೆಗಾರಿಕೆಯು ಹೊರೆ ನಮ್ಮ ಮೇಲೆಯೂ ಕೂಡ ಇದೆ ಹಾಗಾಗಿ ಮುಂದಿನ ಪೀಳಿಗೆಗೂ ಅದನ್ನು ವರ್ಗಾಯಿಸುವ ಮಾಧ್ಯಮದಾರರು ನಾವು ನೀವೆಲ್ಲ ಕನ್ನಡದ ದೀಪ ಸದಾ ಉರಿಯುವಂತೆ, ಪ್ರಜ್ವಲಿಸುವಂತೆ ನೋಡಿಕೊಳ್ಳಬೇಕೆಂದು ಹುಳಿಯಾರಿನ ಬಿಎಂಎಸ್ ಸರ್ಕಾರಿ ಪ್ರಥಮ ದರ್ಜೆ ಕಾಲೇಜಿನ ಪ್ರಾಂಶುಪಾಲರಾದ ಪ್ರೊ.ವೀರಣ್ಣ ಎಸ್.ಸಿ ಹೇಳಿದರು. ಕಾಲೇಜಿನಲ್ಲಿ ಆಯೋಜಿಸಿದ್ದ ಕನ್ನಡ ರಾಜ್ಯೋತ್ಸವ ಕಾರ್ಯಕ್ರಮದಲ್ಲಿ ಅವರು ಮಾತನಾಡಿದರು. ಪ್ರಾಸ್ತಾವಿಕ ಮಾತುಗಳಾಡಿದ ಕನ್ನಡ ಸಹಾಯಕ ಪ್ರಾಧ್ಯಾಪಕರಾದ ಸುಮಂತ್ತನವರು ಕನ್ನಡ ನೆಲ, ಜಲ, ಭಾಷೆಯ ಬಗ್ಗೆ ಅದರ ಇತಿಹಾಸ ವಿವಿಧ ಕಾಲಘಟ್ಟದಲ್ಲಿ ಕನ್ನಡದ ಬೆಳವಣಿಗೆ ಹೇಗಾಯಿತು ಎನ್ನುವುದರ ಬಗ್ಗೆ ತಿಳಿ ಹೇಳಿದರು. ಕನ್ನಡ ಉಪನ್ಯಾಸಕರಾದ ಚಂದ್ರಹಾಸ್ ಅವರು ಮಾತನಾಡುತ್ತಾ ಕನ್ನಡ ಭಾಷೆಯು ವಿಶ್ವದ ಲಿಪಿಗಳ

ರಾಣಿಯಾಗಿದ್ದು ರಾಜಪ್ರಭುತ್ವದಿಂದ, ದಾಸ ಸಾಹಿತ್ಯ, ವಚನ ಪರಂಪರೆಯಿಂದ ಬೆಳೆದು ಬಂದಿದೆ. ಕನ್ನಡದ ಸವಾಲುಗಳು, ಕರ್ನಾಟಕದಲ್ಲಿ ಕನ್ನಡದ ಮಾನ್ಯತೆ, ಸರ್ಕಾರಗಳ ಜವಾಬ್ದಾರಿ ಮೊದಲಾದ ವಿಷಯಗಳ ಬಗ್ಗೆ ತಿಳಿಸಿದರು. ಐಕ್ಯೂ ಎಸಿ ಸಂಚಾಲಕರಾದ ಡಾ. ಸರಸ್ವತಿ ಕೆ.ಪಿ ಅವರು ಕನ್ನಡ ನುಡಿ ಬೆಳೆಯಬೇಕೆಂದರೆ ಮೊದಲು ನಾವು ಅದನ್ನು ಸರಿಯಾಗಿ ಬಳಸಬೇಕು. ಕನ್ನಡದ ಕೃತಿಗಳು ವಿವಿಧ ಭಾಷೆಗಳಿಗೆ ಹೆಚ್ಚು ಅನುವಾದವಾಗುತ್ತಿರುವುದು ಖುಷಿಯ ವಿಚಾರ.

ಕನ್ನಡ ಸಿನಿಮಾಗಳನ್ನು ನೋಡಿ ಬೆಳೆಸುವಂತಹ ಪ್ರವೃತ್ತಿ ಬೆಳೆಸಿಕೊಳ್ಳಬೇಕು ಎಂದರು. ದೈಹಿಕ ಶಿಕ್ಷಣ ನಿರ್ದೇಶಕರಾದ ಡಾ.ಯೋಗೇಶ್ ಬಿ ರವರು ಮಾತನಾಡುತ್ತಾ ಕನ್ನಡ ಭಾಷೆಯ ಅಭಿಮಾನ ಕೇವಲ ನವೆಂಬರ್ ತಿಂಗಳಿಗಷ್ಟೇ ಸೀಮಿತವಾಗಬಾರದು. 365 ದಿನವೂ ಕೂಡ ಈ ಅಭಿಮಾನ ಇರಬೇಕು. ಕನ್ನಡ ಭಾಷೆಯು ಒಂದು ಭಾಷೆಯಲ್ಲ ಬದಲಾಗಿ ಅದೊಂದು ಭಾವನೆ. ಇಂತಹ ಕಾರುಣ್ಯ ಭಾವನೆಯು ನಂದಿ ಹೋಗದಂತೆ ನೋಡಿಕೊಳ್ಳಬೇಕು ಎಂದರು.

ರಾಜ್ಯಶಾಸ್ತ್ರ ಉಪನ್ಯಾಸಕರಾದ ತಿಪ್ಪೇಸ್ವಾಮಿ ಎಂ.ಕೆ ರವರು ಮಾತನಾಡುತ್ತಾ ಕನ್ನಡ ಭಾಷೆ ಕೆಲವರಿಗೆ ಅದು ಒಂದು ಸಂವಹನ ಮಾಧ್ಯಮ. ಕೆಲವರಿಗೆ ಅನ್ನ ನೀಡುವ ಭಾಷೆ. ಇನ್ನೂ ಕೆಲವು ಜನರಿಗೆ ಜೀವದ ಭಾಷೆ. ಇನ್ನೂ ಕೆಲವರಿಗೆ ಅದು ಹೃದಯದ ಭಾವನೆಗಳನ್ನು ಅಭಿವ್ಯಕ್ತಿ ಪಡಿಸುವ ಸಂವೇದನೆಯಾಗಿದೆ. ಕನ್ನಡ ಭಾಷಾ ಬೆಳವಣಿಗೆಯಲ್ಲಿ ಅಕ್ಷರಸ್ಥರ ಕೊಡುಗೆ ಎಷ್ಟಿದೆಯೋ ಅಷ್ಟೇ ಕೊಡುಗೆ ಅನಕ್ಷರಸ್ಥರದು ಕೂಡ ಇದೆ. ಅನ್ಯ ಭಾಷೆಯಲ್ಲಿ ಮುಳುಗಿದ ಈ ಪ್ರಪಂಚದಲ್ಲಿ ಈ ಕನ್ನಡವೆಂಬ ಭಾಷೆ ಈಗಾಗಲೇ ಬೆಳೆದು ಬಹು ಎತ್ತರಕ್ಕೆ ನಿಂತಿದೆ. ಅದನ್ನು ಉಳಿಸುವ ಜವಾಬ್ದಾರಿ ನಮ್ಮದು ಎಂದರು. ಈ ಸಂದರ್ಭದಲ್ಲಿ ಮುಖ್ಯ ಶೈಕ್ಷಣಿಕ ಸಲಹೆಗಾರರಾದ ಡಾ.ಸುಷ್ಮಾ ಎಲ್ ಬಿರಾದರ್, ಡಾ. ಸಂಗೀತ ಪಿ. ಧನಂಜಯ, ಕನ್ನಡ ವಿಭಾಗದ ಮುಖ್ಯಸ್ಥರಾದ ಜಗದೀಶ್ ಜಿ.ಬಿ, ಗ್ರಂಥಪಾಲಕ ಶ್ರೀರಂಗಪ್ಪ ಹಾಗೂ ವಿದ್ಯಾರ್ಥಿಗಳು ಹಾಜರಿದ್ದರು. ರೂಪ ಹಾಗೂ ರಾಜೇಶ್ವರಿ ನಿರೂಪಿಸಿ, ವೀರೇಶ್ ಸ್ವಾಗತಿಸಿ, ಸುದೀಪ್ ವಂದಿಸಿದರು.
